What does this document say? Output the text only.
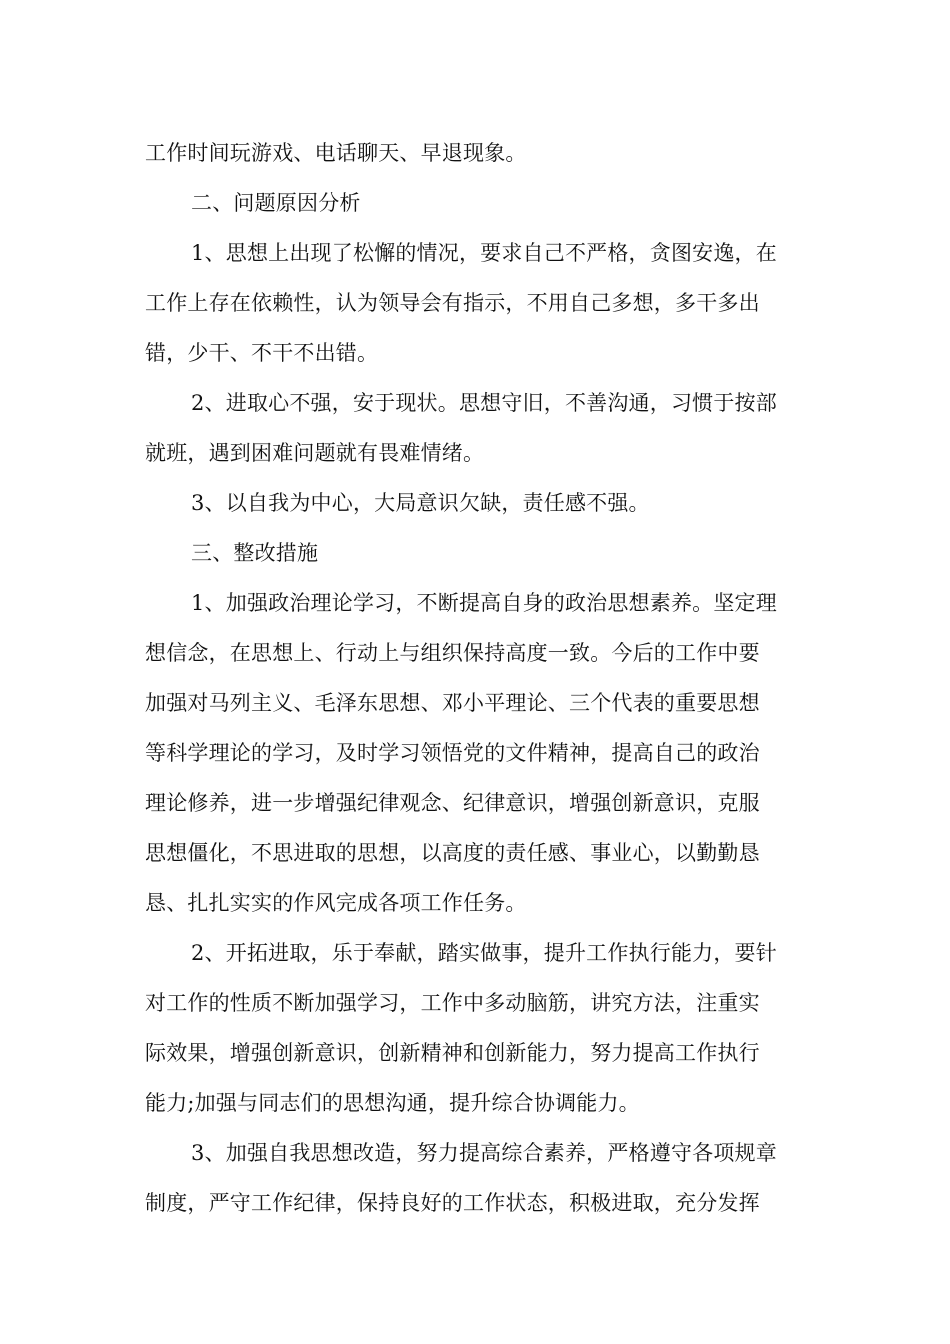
工作时间玩游戏、电话聊天、早退现象。
二、问题原因分析
1、思想上出现了松懈的情况，要求自己不严格，贪图安逸，在
工作上存在依赖性，认为领导会有指示，不用自己多想，多干多出
错，少干、不干不出错。
2、进取心不强，安于现状。思想守旧，不善沟通，习惯于按部
就班，遇到困难问题就有畏难情绪。
3、以自我为中心，大局意识欠缺，责任感不强。
三、整改措施
1、加强政治理论学习，不断提高自身的政治思想素养。坚定理
想信念，在思想上、行动上与组织保持高度一致。今后的工作中要
加强对马列主义、毛泽东思想、邓小平理论、三个代表的重要思想
等科学理论的学习，及时学习领悟党的文件精神，提高自己的政治
理论修养，进一步增强纪律观念、纪律意识，增强创新意识，克服
思想僵化，不思进取的思想，以高度的责任感、事业心，以勤勤恳
恳、扎扎实实的作风完成各项工作任务。
2、开拓进取，乐于奉献，踏实做事，提升工作执行能力，要针
对工作的性质不断加强学习，工作中多动脑筋，讲究方法，注重实
际效果，增强创新意识，创新精神和创新能力，努力提高工作执行
能力;加强与同志们的思想沟通，提升综合协调能力。
3、加强自我思想改造，努力提高综合素养，严格遵守各项规章
制度，严守工作纪律，保持良好的工作状态，积极进取，充分发挥
